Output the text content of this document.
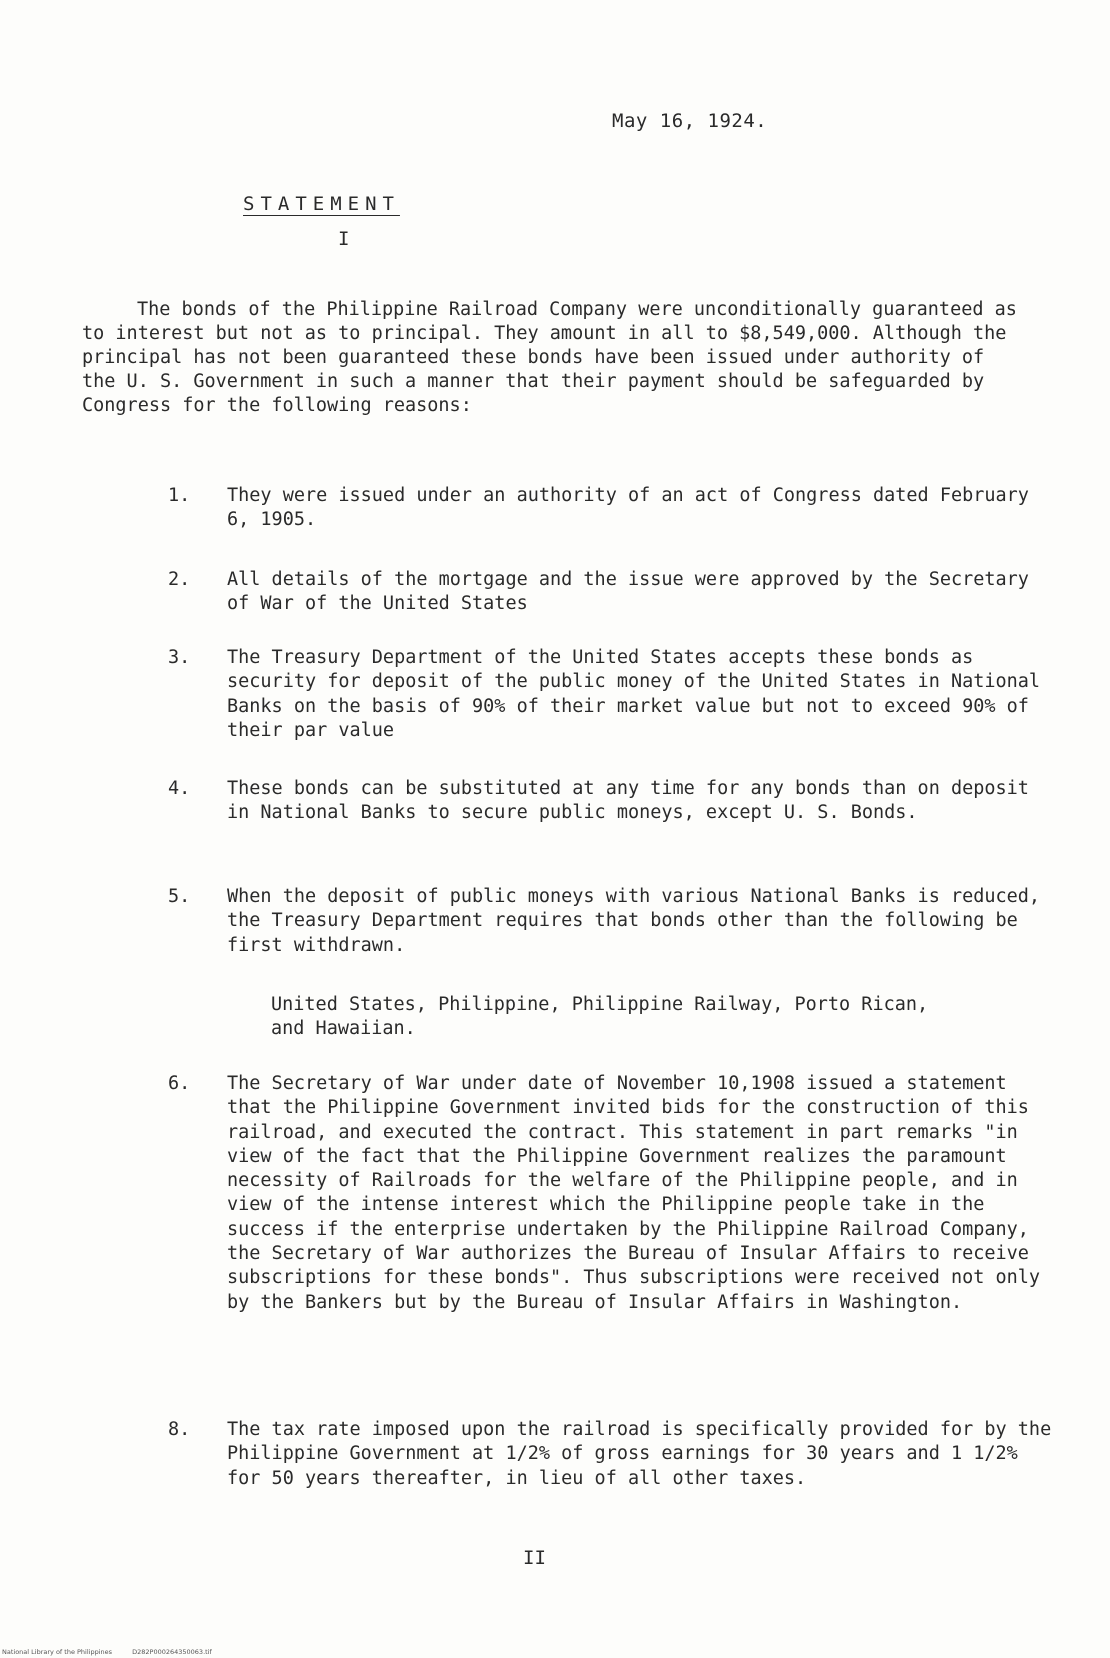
May 16, 1924.
STATEMENT
I

The bonds of the Philippine Railroad Company were unconditionally guaranteed as to interest but not as to principal. They amount in all to $8,549,000. Although the principal has not been guaranteed these bonds have been issued under authority of the U. S. Government in such a manner that their payment should be safeguarded by Congress for the following reasons:

1.	They were issued under an authority of an act of Congress dated February 6, 1905.
2.	All details of the mortgage and the issue were approved by the Secretary of War of the United States
3.	The Treasury Department of the United States accepts these bonds as security for deposit of the public money of the United States in National Banks on the basis of 90% of their market value but not to exceed 90% of their par value
4.	These bonds can be substituted at any time for any bonds than on deposit in National Banks to secure public moneys, except U. S. Bonds.
5.	When the deposit of public moneys with various National Banks is reduced, the Treasury Department requires that bonds other than the following be first withdrawn.
United States, Philippine, Philippine Railway, Porto Rican, and Hawaiian.
6.	The Secretary of War under date of November 10,1908 issued a statement that the Philippine Government invited bids for the construction of this railroad, and executed the contract. This statement in part remarks "in view of the fact that the Philippine Government realizes the paramount necessity of Railroads for the welfare of the Philippine people, and in view of the intense interest which the Philippine people take in the success if the enterprise undertaken by the Philippine Railroad Company, the Secretary of War authorizes the Bureau of Insular Affairs to receive subscriptions for these bonds". Thus subscriptions were received not only by the Bankers but by the Bureau of Insular Affairs in Washington.
8.	The tax rate imposed upon the railroad is specifically provided for by the Philippine Government at 1/2% of gross earnings for 30 years and 1 1/2% for 50 years thereafter, in lieu of all other taxes.
II
National Library of the Philippines	D282P000264350063.tif
